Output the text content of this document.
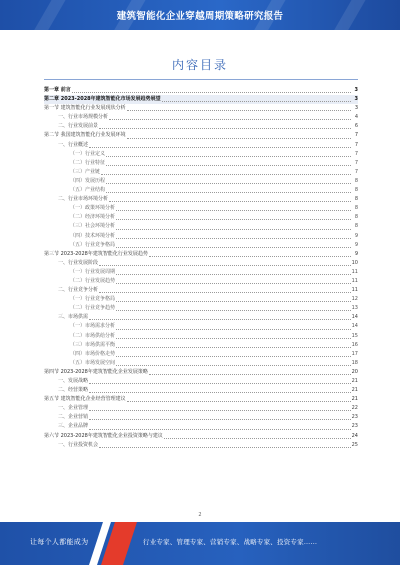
建筑智能化企业穿越周期策略研究报告
内容目录
第一章 前言	3
第二章 2023-2028年建筑智能化市场发展趋势展望	3
第一节 建筑智能化行业发展现状分析	3
一、行业市场规模分析	4
二、行业发展前景	6
第二节 我国建筑智能化行业发展环境	7
一、行业概述	7
（一）行业定义	7
（二）行业特征	7
（三）产业链	7
（四）发展历程	8
（五）产业结构	8
二、行业市场环境分析	8
（一）政策环境分析	8
（二）经济环境分析	8
（三）社会环境分析	8
（四）技术环境分析	9
（五）行业竞争格局	9
第三节 2023-2028年建筑智能化行业发展趋势	9
一、行业发展阶段	10
（一）行业发展周期	11
（二）行业发展趋势	11
二、行业竞争分析	11
（一）行业竞争格局	12
（二）行业竞争趋势	13
三、市场供需	14
（一）市场需求分析	14
（二）市场供给分析	15
（三）市场供需平衡	16
（四）市场价格走势	17
（五）市场发展空间	18
第四节 2023-2028年建筑智能化企业发展策略	20
一、发展战略	21
二、经营策略	21
第五节 建筑智能化企业经营管理建议	21
一、企业管理	22
二、企业营销	23
三、企业品牌	23
第六节 2023-2028年建筑智能化企业投资策略与建议	24
一、行业投资机会	25
2
让每个人都能成为	行业专家、管理专家、营销专家、战略专家、投资专家……
